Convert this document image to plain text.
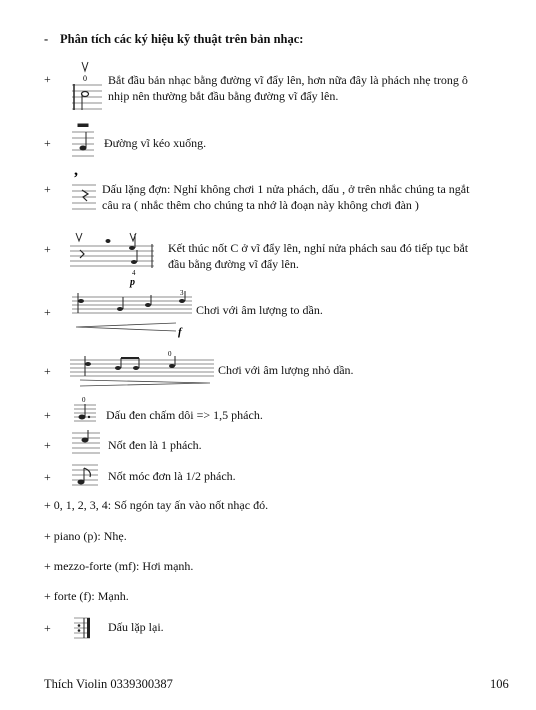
- Phân tích các ký hiệu kỹ thuật trên bản nhạc:
+	0 Bắt đầu bản nhạc bằng đường vĩ đẩy lên, hơn nữa đây là phách nhẹ trong ô
nhịp nên thường bắt đầu bằng đường vĩ đẩy lên.
+	Đường vĩ kéo xuống.
+
,
Dấu lặng đợn: Nghỉ không chơi 1 nửa phách, dấu , ở trên nhắc chúng ta ngắt
câu ra ( nhắc thêm cho chúng ta nhớ là đoạn này không chơi đàn )
+
4
p
Kết thúc nốt C ở vĩ đẩy lên, nghỉ nửa phách sau đó tiếp tục bắt
đầu bằng đường vĩ đẩy lên.
+
3
f
Chơi với âm lượng to dần.
+
0
Chơi với âm lượng nhỏ dần.
+
0
Dấu đen chấm dôi => 1,5 phách.
+	Nốt đen là 1 phách.
+	Nốt móc đơn là 1/2 phách.
+ 0, 1, 2, 3, 4: Số ngón tay ấn vào nốt nhạc đó.
+ piano (p): Nhẹ.
+ mezzo-forte (mf): Hơi mạnh.
+ forte (f): Mạnh.
+	Dấu lặp lại.
Thích Violin 0339300387	106
